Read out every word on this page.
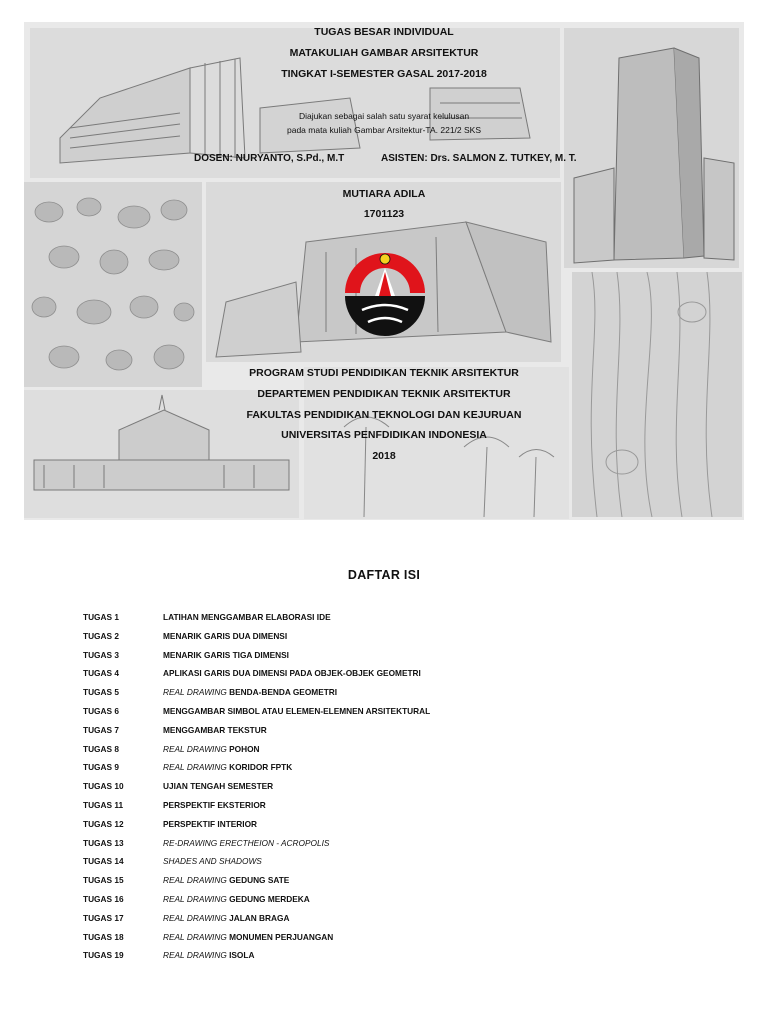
TUGAS BESAR INDIVIDUAL
MATAKULIAH GAMBAR ARSITEKTUR
TINGKAT I-SEMESTER GASAL 2017-2018
Diajukan sebagai salah satu syarat kelulusan
pada mata kuliah Gambar Arsitektur-TA. 221/2 SKS
DOSEN: NURYANTO, S.Pd., M.T	ASISTEN: Drs. SALMON Z. TUTKEY, M. T.
MUTIARA ADILA
1701123
PROGRAM STUDI PENDIDIKAN TEKNIK ARSITEKTUR
DEPARTEMEN PENDIDIKAN TEKNIK ARSITEKTUR
FAKULTAS PENDIDIKAN TEKNOLOGI DAN KEJURUAN
UNIVERSITAS PENFDIDIKAN INDONESIA
2018
DAFTAR ISI
TUGAS 1	LATIHAN MENGGAMBAR ELABORASI IDE
TUGAS 2	MENARIK GARIS DUA DIMENSI
TUGAS 3	MENARIK GARIS TIGA DIMENSI
TUGAS 4	APLIKASI GARIS DUA DIMENSI PADA OBJEK-OBJEK GEOMETRI
TUGAS 5	REAL DRAWING BENDA-BENDA GEOMETRI
TUGAS 6	MENGGAMBAR SIMBOL ATAU ELEMEN-ELEMNEN ARSITEKTURAL
TUGAS 7	MENGGAMBAR TEKSTUR
TUGAS 8	REAL DRAWING POHON
TUGAS 9	REAL DRAWING KORIDOR FPTK
TUGAS 10	UJIAN TENGAH SEMESTER
TUGAS 11	PERSPEKTIF EKSTERIOR
TUGAS 12	PERSPEKTIF INTERIOR
TUGAS 13	RE-DRAWING ERECTHEION - ACROPOLIS
TUGAS 14	SHADES AND SHADOWS
TUGAS 15	REAL DRAWING GEDUNG SATE
TUGAS 16	REAL DRAWING GEDUNG MERDEKA
TUGAS 17	REAL DRAWING JALAN BRAGA
TUGAS 18	REAL DRAWING MONUMEN PERJUANGAN
TUGAS 19	REAL DRAWING ISOLA
